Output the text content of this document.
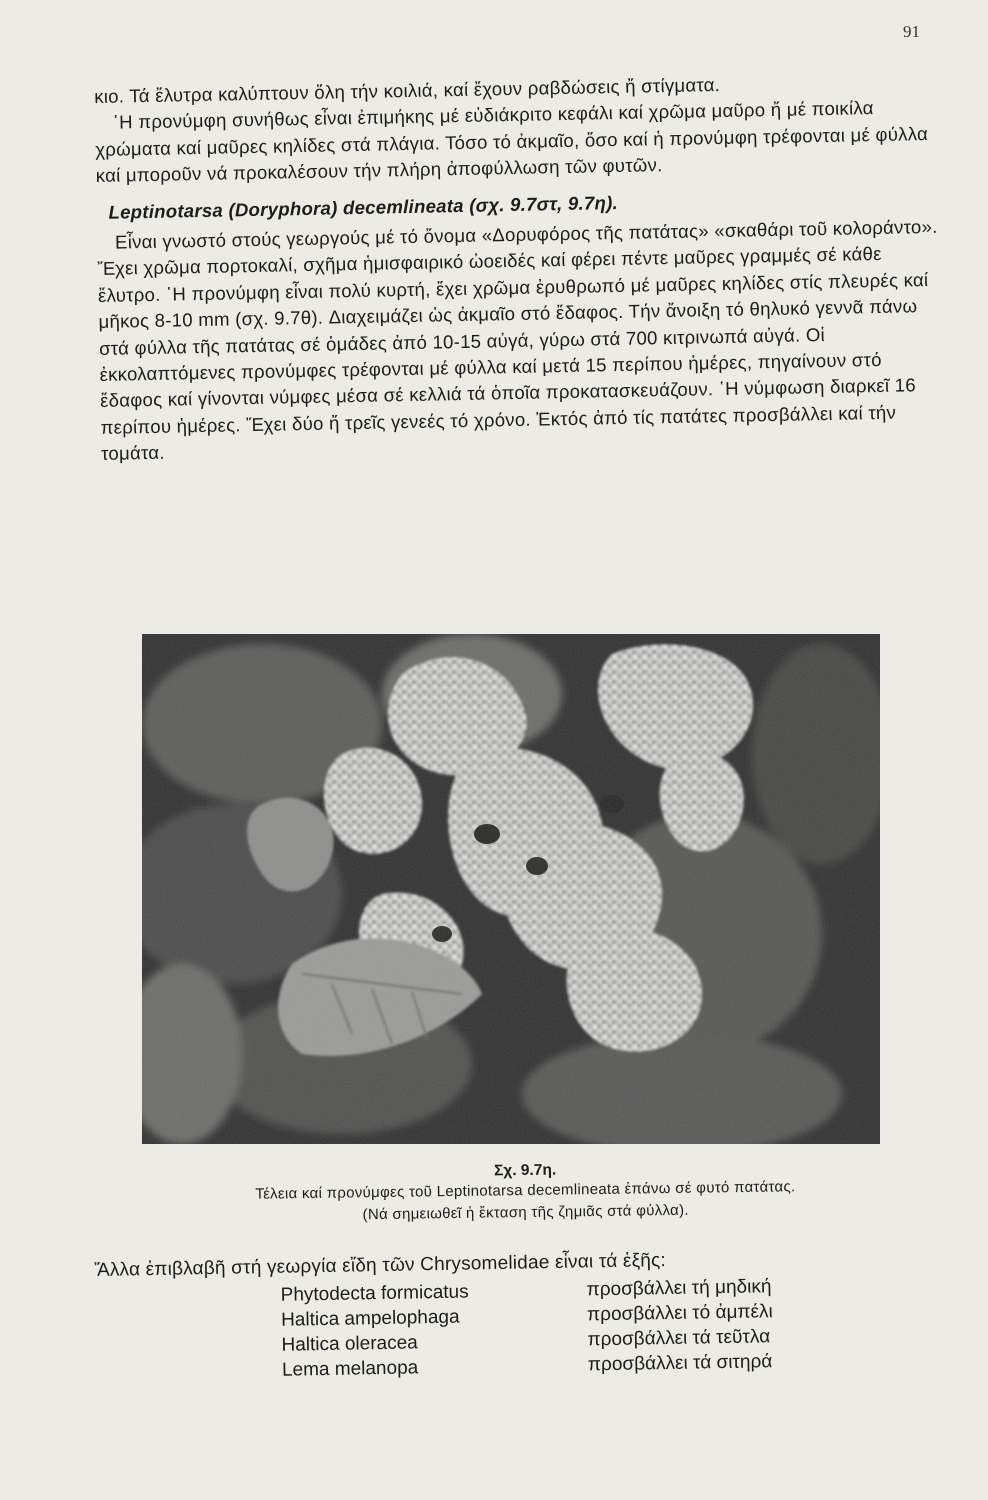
91

κιο. Τά ἔλυτρα καλύπτουν ὅλη τήν κοιλιά, καί ἔχουν ραβδώσεις ἤ στίγματα.

῾Η προνύμφη συνήθως εἶναι ἐπιμήκης μέ εὐδιάκριτο κεφάλι καί χρῶμα μαῦρο ἤ μέ ποικίλα χρώματα καί μαῦρες κηλίδες στά πλάγια. Τόσο τό ἀκμαῖο, ὅσο καί ἡ προνύμφη τρέφονται μέ φύλλα καί μποροῦν νά προκαλέσουν τήν πλήρη ἀποφύλλωση τῶν φυτῶν.

Leptinotarsa (Doryphora) decemlineata (σχ. 9.7στ, 9.7η).

Εἶναι γνωστό στούς γεωργούς μέ τό ὄνομα «Δορυφόρος τῆς πατάτας» «σκαθάρι τοῦ κολοράντο». Ἔχει χρῶμα πορτοκαλί, σχῆμα ἡμισφαιρικό ὠοειδές καί φέρει πέντε μαῦρες γραμμές σέ κάθε ἔλυτρο. ῾Η προνύμφη εἶναι πολύ κυρτή, ἔχει χρῶμα ἐρυθρωπό μέ μαῦρες κηλίδες στίς πλευρές καί μῆκος 8-10 mm (σχ. 9.7θ). Διαχειμάζει ὡς ἀκμαῖο στό ἔδαφος. Τήν ἄνοιξη τό θηλυκό γεννᾶ πάνω στά φύλλα τῆς πατάτας σέ ὁμάδες ἀπό 10-15 αὐγά, γύρω στά 700 κιτρινωπά αὐγά. Οἱ ἐκκολαπτόμενες προνύμφες τρέφονται μέ φύλλα καί μετά 15 περίπου ἡμέρες, πηγαίνουν στό ἔδαφος καί γίνονται νύμφες μέσα σέ κελλιά τά ὁποῖα προκατασκευάζουν. ῾Η νύμφωση διαρκεῖ 16 περίπου ἡμέρες. Ἔχει δύο ἤ τρεῖς γενεές τό χρόνο. Ἐκτός ἀπό τίς πατάτες προσβάλλει καί τήν τομάτα.

Σχ. 9.7η.
Τέλεια καί προνύμφες τοῦ Leptinotarsa decemlineata ἐπάνω σέ φυτό πατάτας.
(Νά σημειωθεῖ ἡ ἔκταση τῆς ζημιᾶς στά φύλλα).
Ἄλλα ἐπιβλαβῆ στή γεωργία εἴδη τῶν Chrysomelidae εἶναι τά ἑξῆς:
Phytodecta formicatus	προσβάλλει τή μηδική
Haltica ampelophaga	προσβάλλει τό ἀμπέλι
Haltica oleracea	προσβάλλει τά τεῦτλα
Lema melanopa	προσβάλλει τά σιτηρά
